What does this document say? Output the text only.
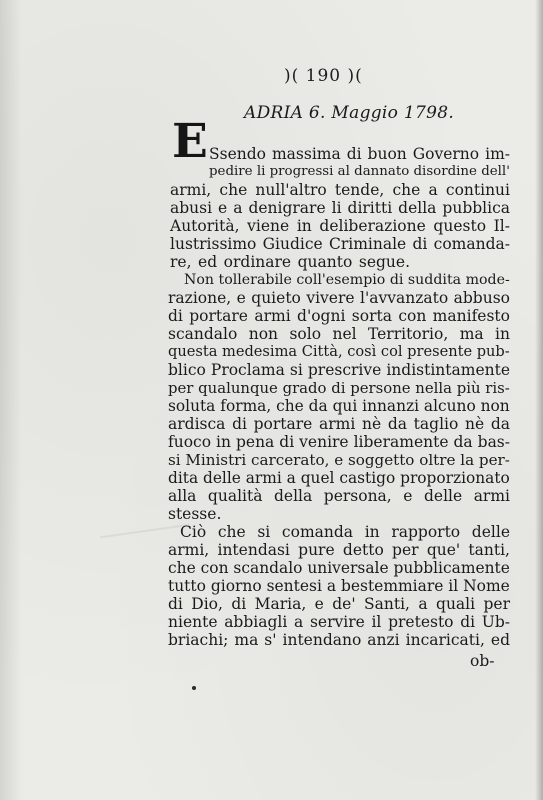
)( 190 )(
ADRIA 6. Maggio 1798.
E Ssendo massima di buon Governo im-
pedire li progressi al dannato disordine dell'
armi, che null'altro tende, che a continui
abusi e a denigrare li diritti della pubblica
Autorità, viene in deliberazione questo Il-
lustrissimo Giudice Criminale di comanda-
re, ed ordinare quanto segue.
Non tollerabile coll'esempio di suddita mode-
razione, e quieto vivere l'avvanzato abbuso
di portare armi d'ogni sorta con manifesto
scandalo non solo nel Territorio, ma in
questa medesima Città, così col presente pub-
blico Proclama si prescrive indistintamente
per qualunque grado di persone nella più ris-
soluta forma, che da qui innanzi alcuno non
ardisca di portare armi nè da taglio nè da
fuoco in pena di venire liberamente da bas-
si Ministri carcerato, e soggetto oltre la per-
dita delle armi a quel castigo proporzionato
alla qualità della persona, e delle armi
stesse.
Ciò che si comanda in rapporto delle
armi, intendasi pure detto per que' tanti,
che con scandalo universale pubblicamente
tutto giorno sentesi a bestemmiare il Nome
di Dio, di Maria, e de' Santi, a quali per
niente abbiagli a servire il pretesto di Ub-
briachi; ma s' intendano anzi incaricati, ed
ob-
